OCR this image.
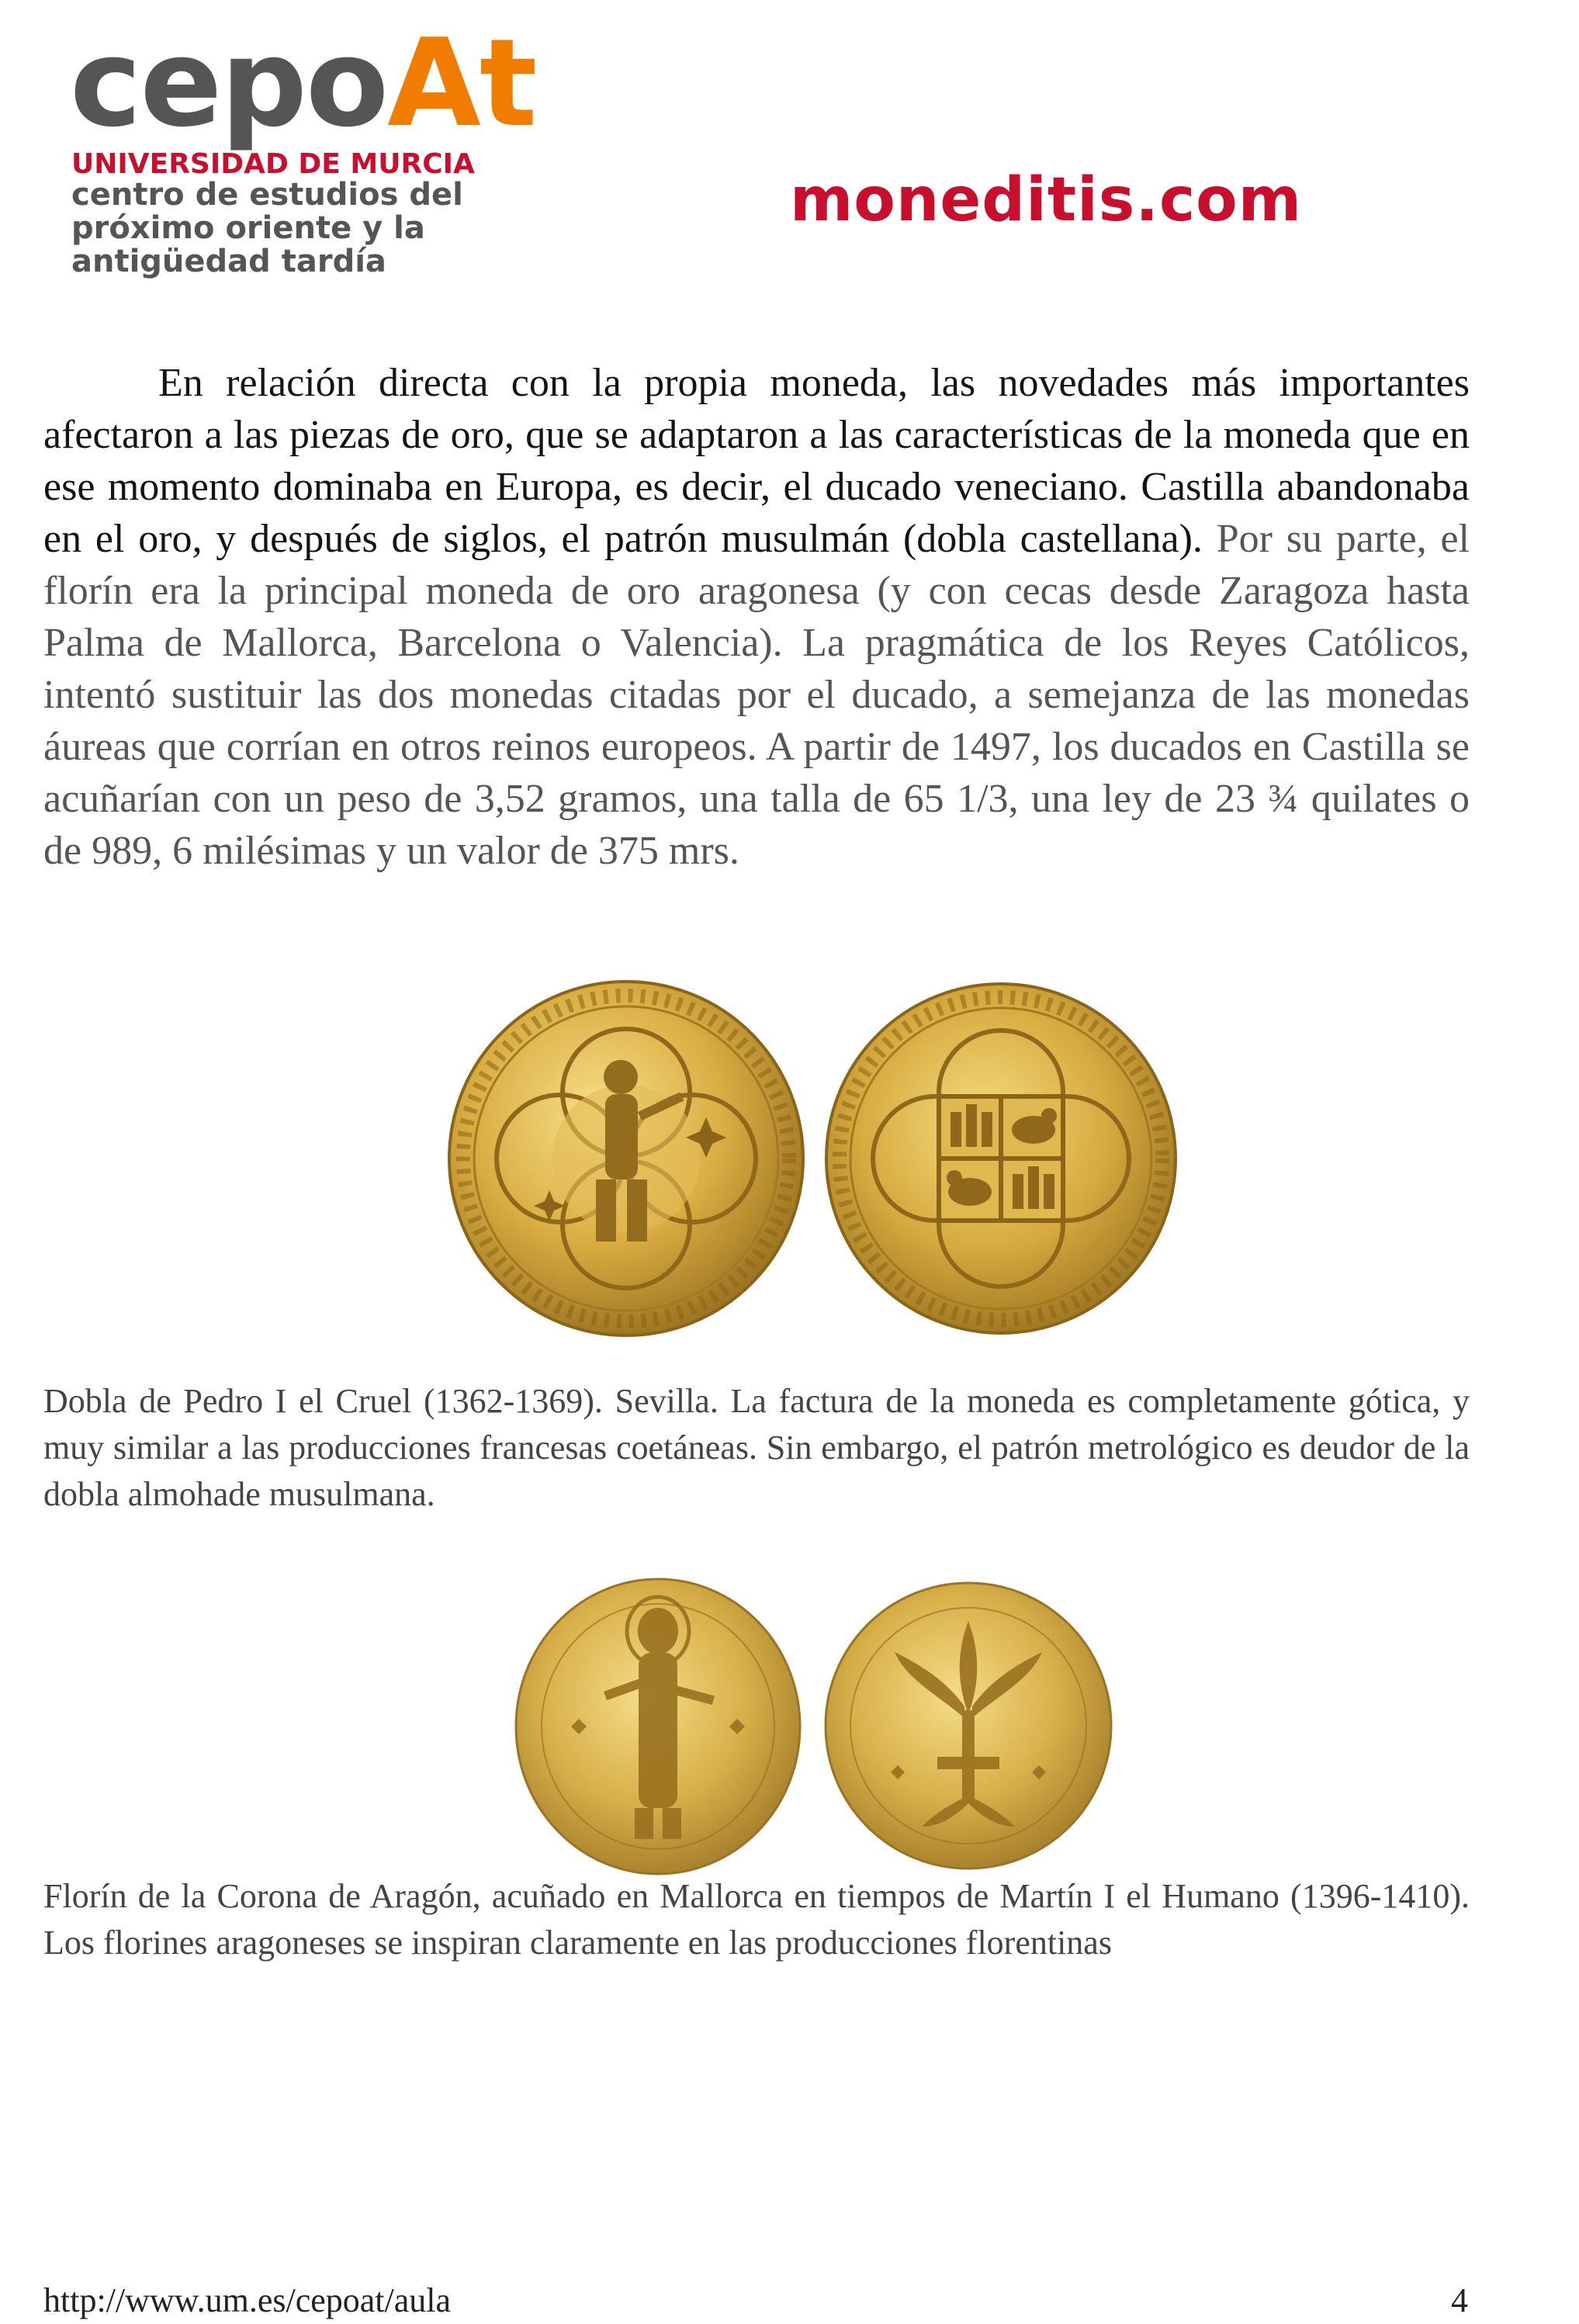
cepoAt
UNIVERSIDAD DE MURCIA
centro de estudios del
próximo oriente y la
antigüedad tardía
moneditis.com

En relación directa con la propia moneda, las novedades más importantes afectaron a las piezas de oro, que se adaptaron a las características de la moneda que en ese momento dominaba en Europa, es decir, el ducado veneciano. Castilla abandonaba en el oro, y después de siglos, el patrón musulmán (dobla castellana). Por su parte, el florín era la principal moneda de oro aragonesa (y con cecas desde Zaragoza hasta Palma de Mallorca, Barcelona o Valencia). La pragmática de los Reyes Católicos, intentó sustituir las dos monedas citadas por el ducado, a semejanza de las monedas áureas que corrían en otros reinos europeos. A partir de 1497, los ducados en Castilla se acuñarían con un peso de 3,52 gramos, una talla de 65 1/3, una ley de 23 ¾ quilates o de 989, 6 milésimas y un valor de 375 mrs.

Dobla de Pedro I el Cruel (1362-1369). Sevilla. La factura de la moneda es completamente gótica, y muy similar a las producciones francesas coetáneas. Sin embargo, el patrón metrológico es deudor de la dobla almohade musulmana.

Florín de la Corona de Aragón, acuñado en Mallorca en tiempos de Martín I el Humano (1396-1410). Los florines aragoneses se inspiran claramente en las producciones florentinas

http://www.um.es/cepoat/aula	4
